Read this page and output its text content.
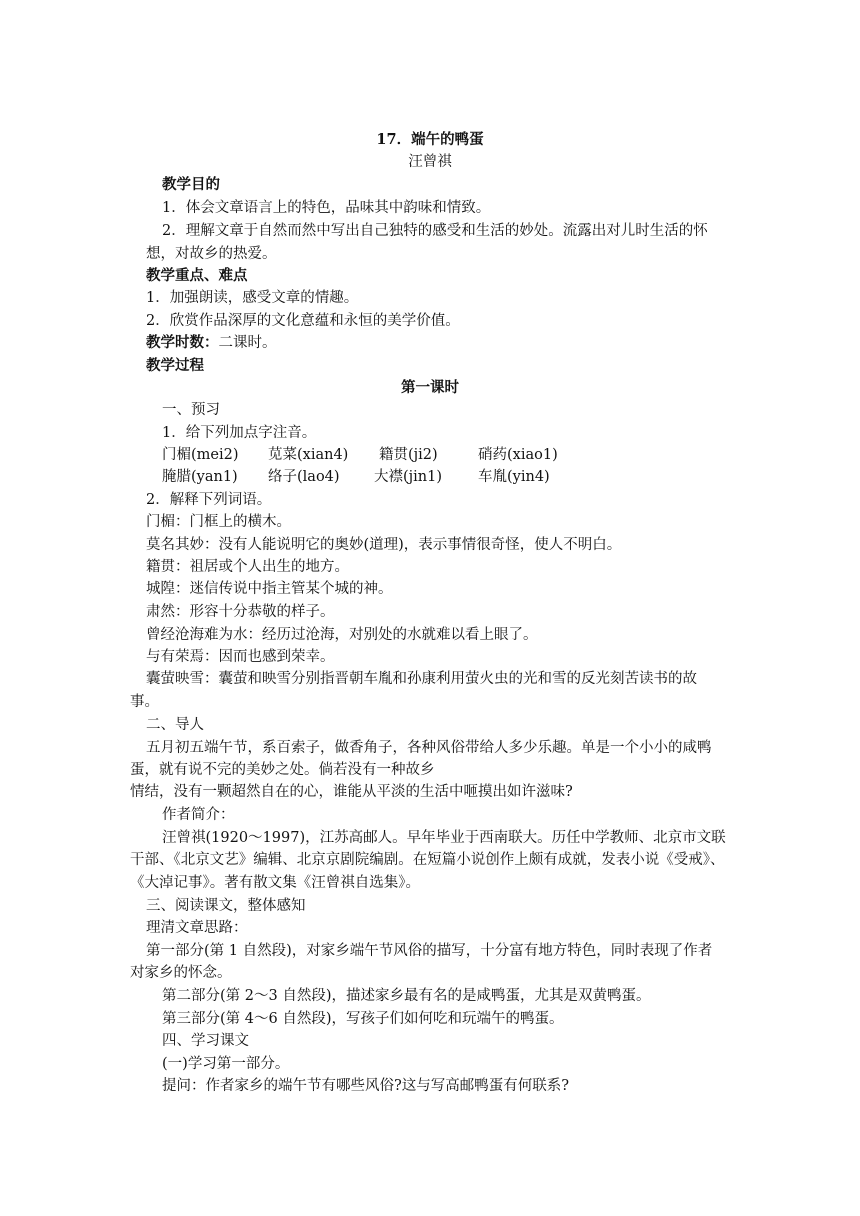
17．端午的鸭蛋
汪曾祺
教学目的
1．体会文章语言上的特色，品味其中韵味和情致。
2．理解文章于自然而然中写出自己独特的感受和生活的妙处。流露出对儿时生活的怀
想，对故乡的热爱。
教学重点、难点
1．加强朗读，感受文章的情趣。
2．欣赏作品深厚的文化意蕴和永恒的美学价值。
教学时数：二课时。
教学过程
第一课时
一、预习
1．给下列加点字注音。
门楣(mei2) 苋菜(xian4) 籍贯(ji2)	硝药(xiao1)
腌腊(yan1) 络子(lao4) 大襟(jin1) 车胤(yin4)
2．解释下列词语。
门楣：门框上的横木。
莫名其妙：没有人能说明它的奥妙(道理)，表示事情很奇怪，使人不明白。
籍贯：祖居或个人出生的地方。
城隍：迷信传说中指主管某个城的神。
肃然：形容十分恭敬的样子。
曾经沧海难为水：经历过沧海，对别处的水就难以看上眼了。
与有荣焉：因而也感到荣幸。
囊萤映雪：囊萤和映雪分别指晋朝车胤和孙康利用萤火虫的光和雪的反光刻苦读书的故
事。
二、导人
五月初五端午节，系百索子，做香角子，各种风俗带给人多少乐趣。单是一个小小的咸鸭
蛋，就有说不完的美妙之处。倘若没有一种故乡
情结，没有一颗超然自在的心，谁能从平淡的生活中咂摸出如许滋味?
作者简介：
汪曾祺(1920～1997)，江苏高邮人。早年毕业于西南联大。历任中学教师、北京市文联
干部、《北京文艺》编辑、北京京剧院编剧。在短篇小说创作上颇有成就，发表小说《受戒》、
《大淖记事》。著有散文集《汪曾祺自选集》。
三、阅读课文，整体感知
理清文章思路：
第一部分(第 1 自然段)，对家乡端午节风俗的描写，十分富有地方特色，同时表现了作者
对家乡的怀念。
第二部分(第 2～3 自然段)，描述家乡最有名的是咸鸭蛋，尤其是双黄鸭蛋。
第三部分(第 4～6 自然段)，写孩子们如何吃和玩端午的鸭蛋。
四、学习课文
(一)学习第一部分。
提问：作者家乡的端午节有哪些风俗?这与写高邮鸭蛋有何联系?
